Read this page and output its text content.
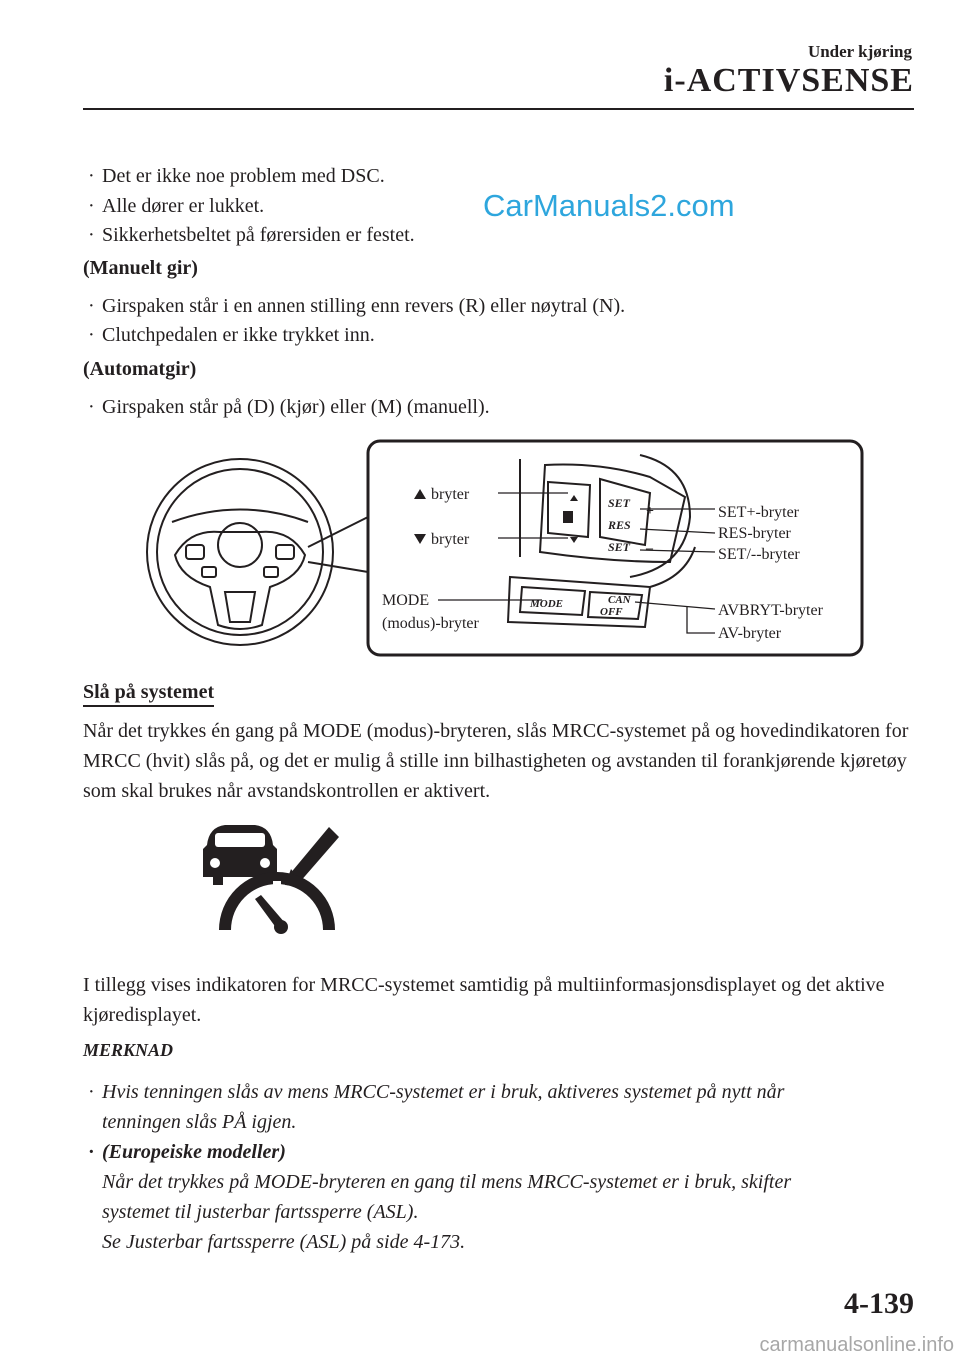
Under kjøring
i-ACTIVSENSE
CarManuals2.com
· Det er ikke noe problem med DSC.
· Alle dører er lukket.
· Sikkerhetsbeltet på førersiden er festet.
(Manuelt gir)
· Girspaken står i en annen stilling enn revers (R) eller nøytral (N).
· Clutchpedalen er ikke trykket inn.
(Automatgir)
· Girspaken står på (D) (kjør) eller (M) (manuell).
SET
+
RES
SET –
MODE	CAN
OFF
bryter
bryter
MODE
(modus)-bryter
SET+-bryter
RES-bryter
SET/--bryter
AVBRYT-bryter
AV-bryter
Slå på systemet
Når det trykkes én gang på MODE (modus)-bryteren, slås MRCC-systemet på og hovedindikatoren for MRCC (hvit) slås på, og det er mulig å stille inn bilhastigheten og avstanden til forankjørende kjøretøy som skal brukes når avstandskontrollen er aktivert.
I tillegg vises indikatoren for MRCC-systemet samtidig på multiinformasjonsdisplayet og det aktive kjøredisplayet.
MERKNAD
· Hvis tenningen slås av mens MRCC-systemet er i bruk, aktiveres systemet på nytt når
tenningen slås PÅ igjen.
· (Europeiske modeller)
Når det trykkes på MODE-bryteren en gang til mens MRCC-systemet er i bruk, skifter
systemet til justerbar fartssperre (ASL).
Se Justerbar fartssperre (ASL) på side 4-173.
4-139
carmanualsonline.info
